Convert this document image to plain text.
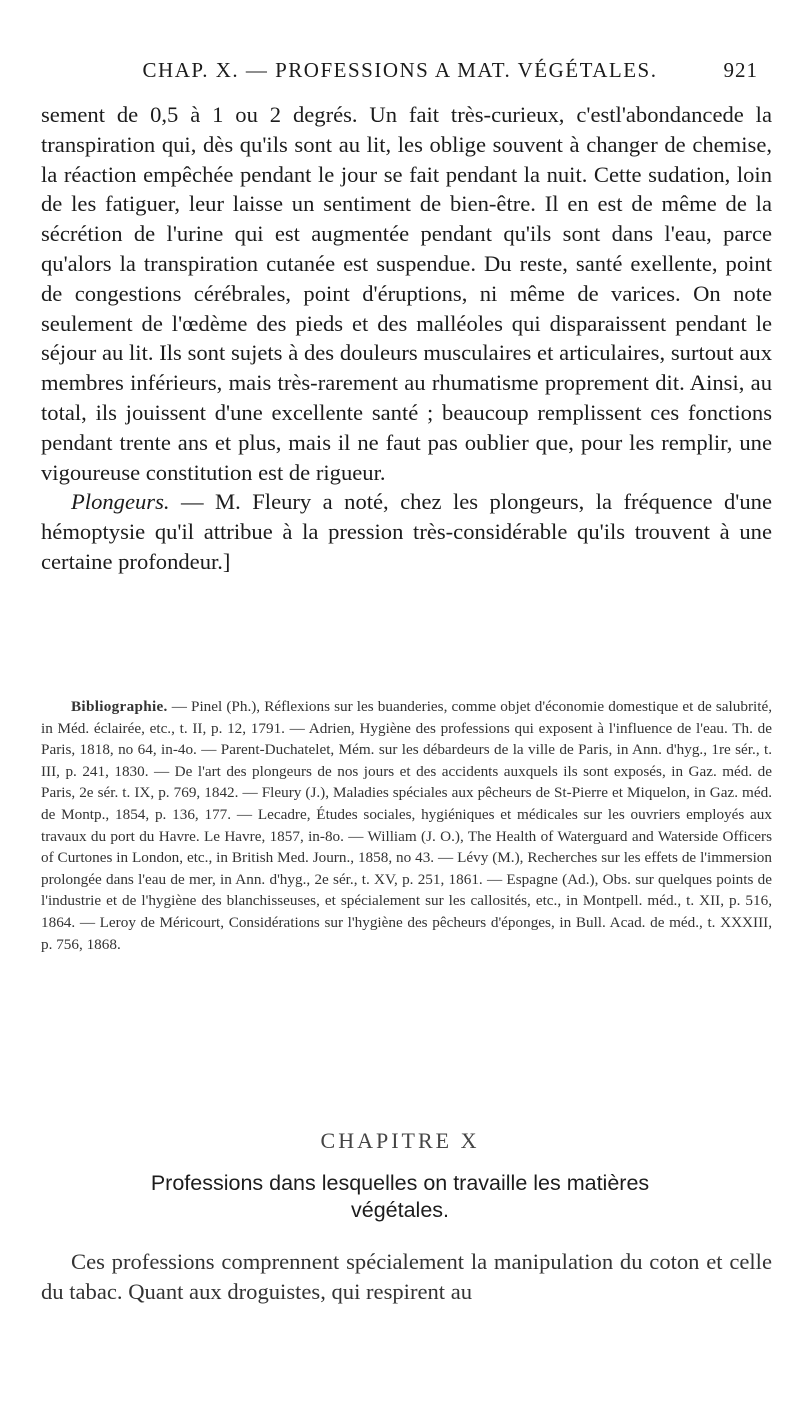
CHAP. X. — PROFESSIONS A MAT. VÉGÉTALES.	921

sement de 0,5 à 1 ou 2 degrés. Un fait très-curieux, c'estl'abondancede la transpiration qui, dès qu'ils sont au lit, les oblige souvent à changer de chemise, la réaction empêchée pendant le jour se fait pendant la nuit. Cette sudation, loin de les fatiguer, leur laisse un sentiment de bien-être. Il en est de même de la sécrétion de l'urine qui est augmentée pendant qu'ils sont dans l'eau, parce qu'alors la transpiration cutanée est suspendue. Du reste, santé exellente, point de congestions cérébrales, point d'éruptions, ni même de varices. On note seulement de l'œdème des pieds et des malléoles qui disparaissent pendant le séjour au lit. Ils sont sujets à des douleurs musculaires et articulaires, surtout aux membres inférieurs, mais très-rarement au rhumatisme proprement dit. Ainsi, au total, ils jouissent d'une excellente santé ; beaucoup remplissent ces fonctions pendant trente ans et plus, mais il ne faut pas oublier que, pour les remplir, une vigoureuse constitution est de rigueur.

Plongeurs. — M. Fleury a noté, chez les plongeurs, la fréquence d'une hémoptysie qu'il attribue à la pression très-considérable qu'ils trouvent à une certaine profondeur.]

Bibliographie. — Pinel (Ph.), Réflexions sur les buanderies, comme objet d'économie domestique et de salubrité, in Méd. éclairée, etc., t. II, p. 12, 1791. — Adrien, Hygiène des professions qui exposent à l'influence de l'eau. Th. de Paris, 1818, no 64, in-4o. — Parent-Duchatelet, Mém. sur les débardeurs de la ville de Paris, in Ann. d'hyg., 1re sér., t. III, p. 241, 1830. — De l'art des plongeurs de nos jours et des accidents auxquels ils sont exposés, in Gaz. méd. de Paris, 2e sér. t. IX, p. 769, 1842. — Fleury (J.), Maladies spéciales aux pêcheurs de St-Pierre et Miquelon, in Gaz. méd. de Montp., 1854, p. 136, 177. — Lecadre, Études sociales, hygiéniques et médicales sur les ouvriers employés aux travaux du port du Havre. Le Havre, 1857, in-8o. — William (J. O.), The Health of Waterguard and Waterside Officers of Curtones in London, etc., in British Med. Journ., 1858, no 43. — Lévy (M.), Recherches sur les effets de l'immersion prolongée dans l'eau de mer, in Ann. d'hyg., 2e sér., t. XV, p. 251, 1861. — Espagne (Ad.), Obs. sur quelques points de l'industrie et de l'hygiène des blanchisseuses, et spécialement sur les callosités, etc., in Montpell. méd., t. XII, p. 516, 1864. — Leroy de Méricourt, Considérations sur l'hygiène des pêcheurs d'éponges, in Bull. Acad. de méd., t. XXXIII, p. 756, 1868.

CHAPITRE X
Professions dans lesquelles on travaille les matières
végétales.

Ces professions comprennent spécialement la manipulation du coton et celle du tabac. Quant aux droguistes, qui respirent au
